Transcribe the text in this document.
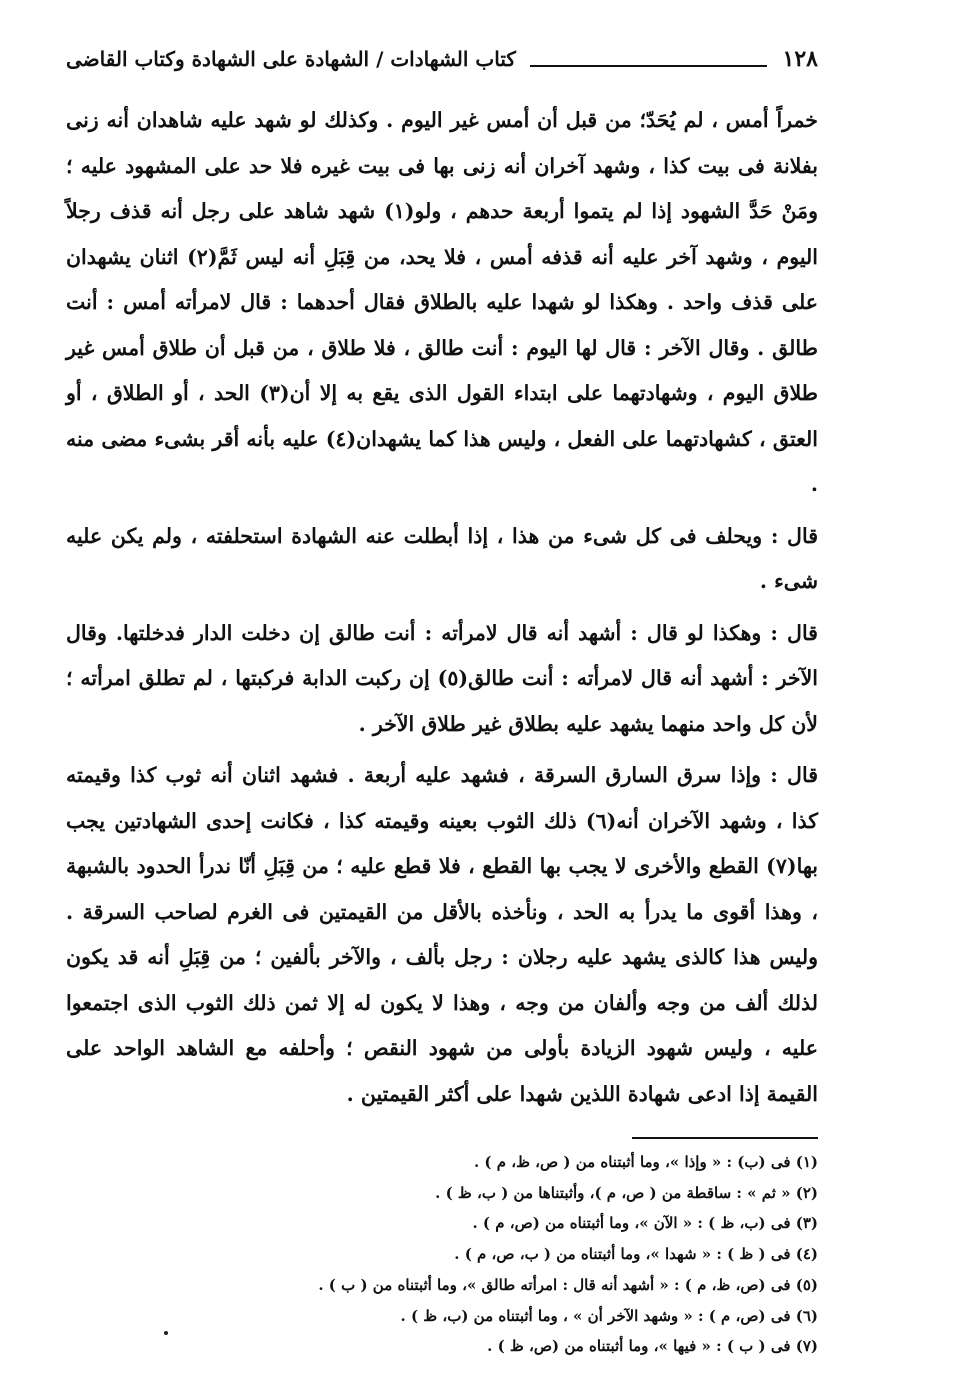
١٢٨
كتاب الشهادات / الشهادة على الشهادة وكتاب القاضى

خمراً أمس ، لم يُحَدّ؛ من قبل أن أمس غير اليوم . وكذلك لو شهد عليه شاهدان أنه زنى بفلانة فى بيت كذا ، وشهد آخران أنه زنى بها فى بيت غيره فلا حد على المشهود عليه ؛ ومَنْ حَدَّ الشهود إذا لم يتموا أربعة حدهم ، ولو(١) شهد شاهد على رجل أنه قذف رجلاً اليوم ، وشهد آخر عليه أنه قذفه أمس ، فلا يحد، من قِبَلِ أنه ليس ثَمَّ(٢) اثنان يشهدان على قذف واحد . وهكذا لو شهدا عليه بالطلاق فقال أحدهما : قال لامرأته أمس : أنت طالق . وقال الآخر : قال لها اليوم : أنت طالق ، فلا طلاق ، من قبل أن طلاق أمس غير طلاق اليوم ، وشهادتهما على ابتداء القول الذى يقع به إلا أن(٣) الحد ، أو الطلاق ، أو العتق ، كشهادتهما على الفعل ، وليس هذا كما يشهدان(٤) عليه بأنه أقر بشىء مضى منه .

قال : ويحلف فى كل شىء من هذا ، إذا أبطلت عنه الشهادة استحلفته ، ولم يكن عليه شىء .

قال : وهكذا لو قال : أشهد أنه قال لامرأته : أنت طالق إن دخلت الدار فدخلتها. وقال الآخر : أشهد أنه قال لامرأته : أنت طالق(٥) إن ركبت الدابة فركبتها ، لم تطلق امرأته ؛ لأن كل واحد منهما يشهد عليه بطلاق غير طلاق الآخر .

قال : وإذا سرق السارق السرقة ، فشهد عليه أربعة . فشهد اثنان أنه ثوب كذا وقيمته كذا ، وشهد الآخران أنه(٦) ذلك الثوب بعينه وقيمته كذا ، فكانت إحدى الشهادتين يجب بها(٧) القطع والأخرى لا يجب بها القطع ، فلا قطع عليه ؛ من قِبَلِ أنّا ندرأ الحدود بالشبهة ، وهذا أقوى ما يدرأ به الحد ، ونأخذه بالأقل من القيمتين فى الغرم لصاحب السرقة . وليس هذا كالذى يشهد عليه رجلان : رجل بألف ، والآخر بألفين ؛ من قِبَلِ أنه قد يكون لذلك ألف من وجه وألفان من وجه ، وهذا لا يكون له إلا ثمن ذلك الثوب الذى اجتمعوا عليه ، وليس شهود الزيادة بأولى من شهود النقص ؛ وأحلفه مع الشاهد الواحد على القيمة إذا ادعى شهادة اللذين شهدا على أكثر القيمتين .

(١) فى (ب) : « وإذا »، وما أثبتناه من ( ص، ظ، م ) .
(٢) « ثم » : ساقطة من ( ص، م )، وأثبتناها من ( ب، ظ ) .
(٣) فى (ب، ظ ) : « الآن »، وما أثبتناه من (ص، م ) .
(٤) فى ( ظ ) : « شهدا »، وما أثبتناه من ( ب، ص، م ) .
(٥) فى (ص، ظ، م ) : « أشهد أنه قال : امرأته طالق »، وما أثبتناه من ( ب ) .
(٦) فى (ص، م ) : « وشهد الآخر أن » ، وما أثبتناه من (ب، ظ ) .
(٧) فى ( ب ) : « فيها »، وما أثبتناه من (ص، ظ ) .
